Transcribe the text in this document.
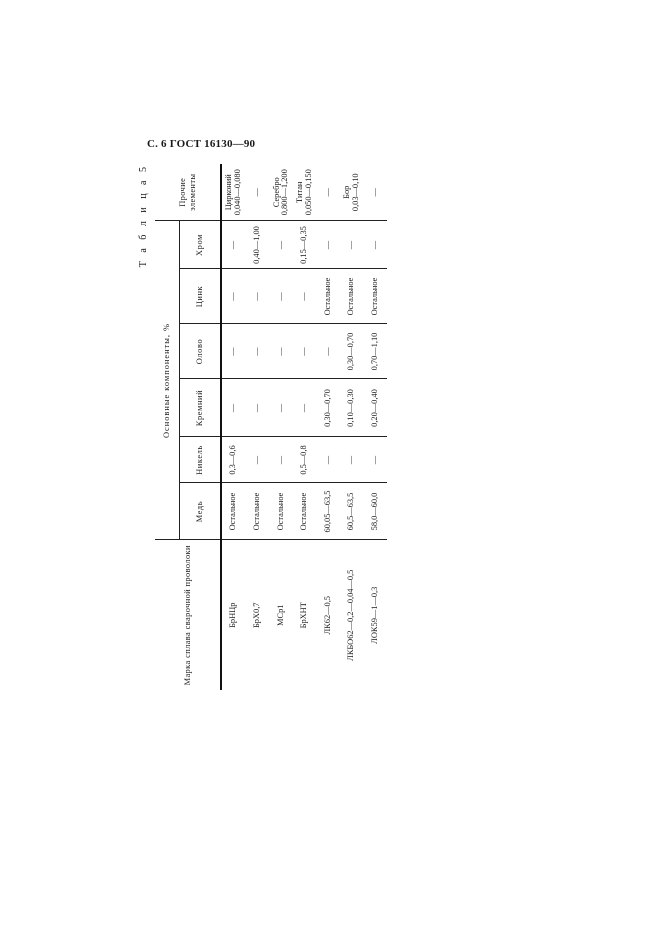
С. 6 ГОСТ 16130—90
Т а б л и ц а 5
Марка сплава сварочной проволоки	Основные компоненты, %						Прочие элементы

	Медь	Никель	Кремний	Олово	Цинк	Хром	
БрНЦр	Остальное	0,3—0,6	—	—	—	—	Цирконий 0,040—0,080

БрХ0,7	Остальное	—	—	—	—	0,40—1,00	—

МСр1	Остальное	—	—	—	—	—	Серебро 0,800—1,200

БрХНТ	Остальное	0,5—0,8	—	—	—	0,15—0,35	Титан 0,050—0,150

ЛК62—0,5	60,05—63,5	—	0,30—0,70	—	Остальное	—	—

ЛКБО62—0,2—0,04—0,5	60,5—63,5	—	0,10—0,30	0,30—0,70	Остальное	—	Бор 0,03—0,10

ЛОК59—1—0,3	58,0—60,0	—	0,20—0,40	0,70—1,10	Остальное	—	—
